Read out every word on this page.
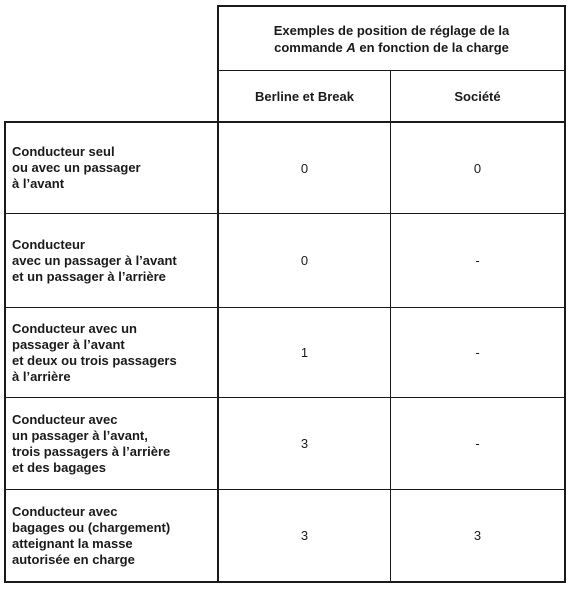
Exemples de position de réglage de la
commande A en fonction de la charge
Berline et Break	Société
Conducteur seul
ou avec un passager
à l’avant
0	0
Conducteur
avec un passager à l’avant
et un passager à l’arrière
0	-
Conducteur avec un
passager à l’avant
et deux ou trois passagers
à l’arrière
1	-
Conducteur avec
un passager à l’avant,
trois passagers à l’arrière
et des bagages
3	-
Conducteur avec
bagages ou (chargement)
atteignant la masse
autorisée en charge
3	3
